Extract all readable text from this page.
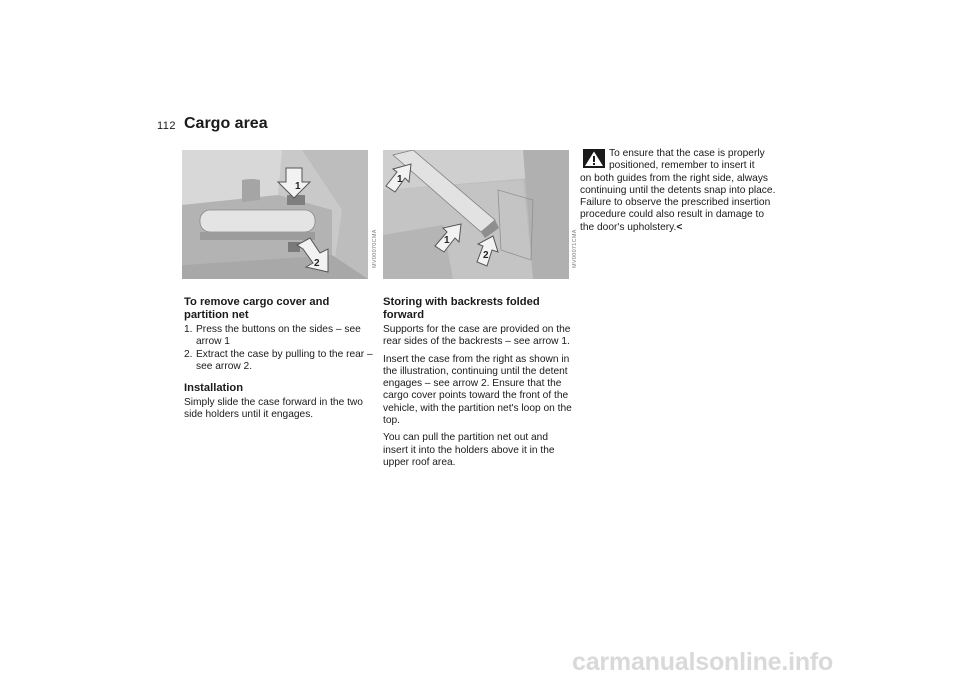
112 Cargo area
1
2	MV00070CMA
1
1
2	MV00071CMA
To remove cargo cover and partition net
1. Press the buttons on the sides – see arrow 1
2. Extract the case by pulling to the rear – see arrow 2.
Installation

Simply slide the case forward in the two side holders until it engages.

Storing with backrests folded forward

Supports for the case are provided on the rear sides of the backrests – see arrow 1.

Insert the case from the right as shown in the illustration, continuing until the detent engages – see arrow 2. Ensure that the cargo cover points toward the front of the vehicle, with the partition net's loop on the top.

You can pull the partition net out and insert it into the holders above it in the upper roof area.

To ensure that the case is properly
positioned, remember to insert it
on both guides from the right side, always continuing until the detents snap into place. Failure to observe the prescribed insertion procedure could also result in damage to the door's upholstery.<
carmanualsonline.info
